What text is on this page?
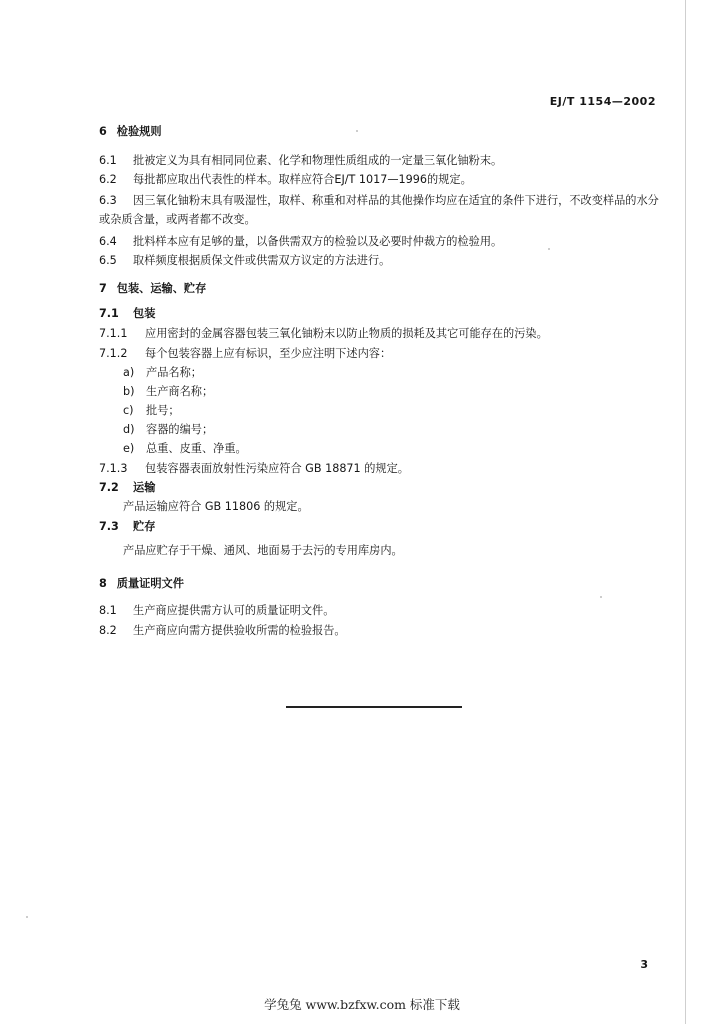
EJ/T 1154—2002
6 检验规则
6.1 批被定义为具有相同同位素、化学和物理性质组成的一定量三氧化铀粉末。
6.2 每批都应取出代表性的样本。取样应符合EJ/T 1017—1996的规定。
6.3 因三氧化铀粉末具有吸湿性，取样、称重和对样品的其他操作均应在适宜的条件下进行，不改变样品的水分或杂质含量，或两者都不改变。
6.4 批料样本应有足够的量，以备供需双方的检验以及必要时仲裁方的检验用。
6.5 取样频度根据质保文件或供需双方议定的方法进行。
7 包装、运输、贮存
7.1 包装
7.1.1 应用密封的金属容器包装三氧化铀粉末以防止物质的损耗及其它可能存在的污染。
7.1.2 每个包装容器上应有标识，至少应注明下述内容：
a) 产品名称；
b) 生产商名称；
c) 批号；
d) 容器的编号；
e) 总重、皮重、净重。
7.1.3 包装容器表面放射性污染应符合 GB 18871 的规定。
7.2 运输
产品运输应符合 GB 11806 的规定。
7.3 贮存
产品应贮存于干燥、通风、地面易于去污的专用库房内。
8 质量证明文件
8.1 生产商应提供需方认可的质量证明文件。
8.2 生产商应向需方提供验收所需的检验报告。
3
学兔兔 www.bzfxw.com 标准下载
